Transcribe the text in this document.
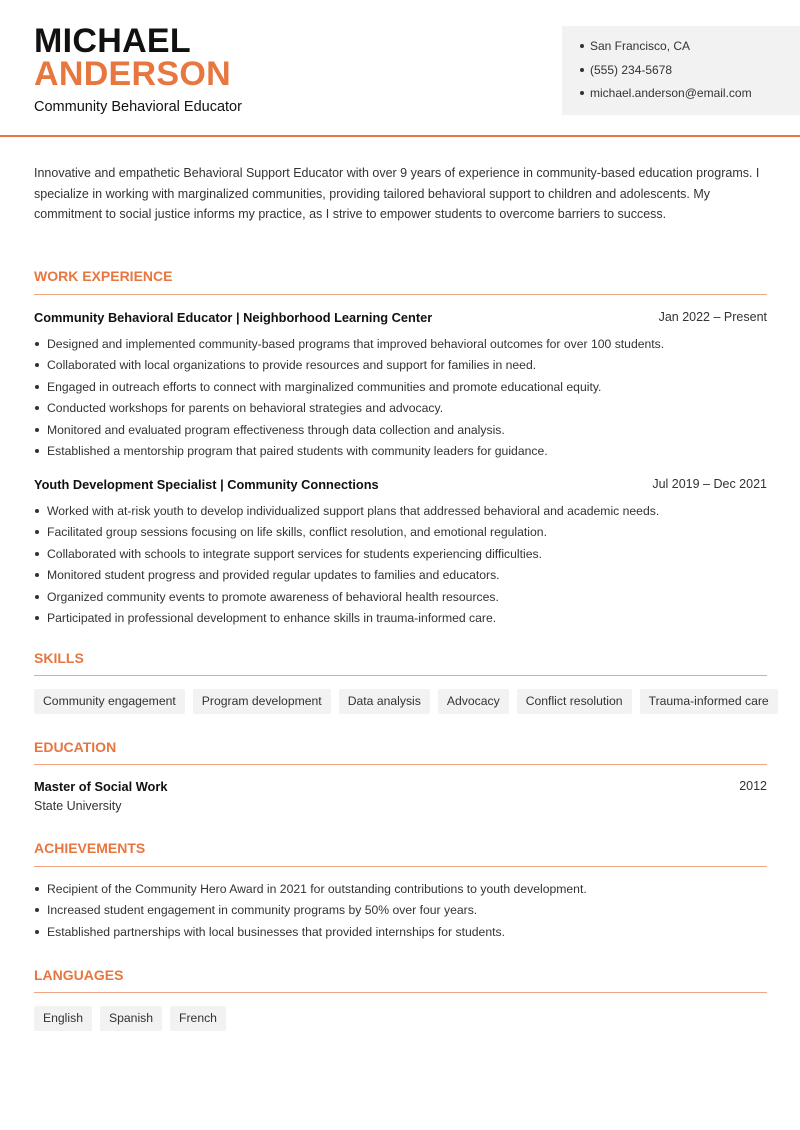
MICHAEL
ANDERSON
Community Behavioral Educator
San Francisco, CA
(555) 234-5678
michael.anderson@email.com

Innovative and empathetic Behavioral Support Educator with over 9 years of experience in community-based education programs. I specialize in working with marginalized communities, providing tailored behavioral support to children and adolescents. My commitment to social justice informs my practice, as I strive to empower students to overcome barriers to success.

WORK EXPERIENCE
Community Behavioral Educator | Neighborhood Learning Center	Jan 2022 – Present
Designed and implemented community-based programs that improved behavioral outcomes for over 100 students.
Collaborated with local organizations to provide resources and support for families in need.
Engaged in outreach efforts to connect with marginalized communities and promote educational equity.
Conducted workshops for parents on behavioral strategies and advocacy.
Monitored and evaluated program effectiveness through data collection and analysis.
Established a mentorship program that paired students with community leaders for guidance.
Youth Development Specialist | Community Connections	Jul 2019 – Dec 2021
Worked with at-risk youth to develop individualized support plans that addressed behavioral and academic needs.
Facilitated group sessions focusing on life skills, conflict resolution, and emotional regulation.
Collaborated with schools to integrate support services for students experiencing difficulties.
Monitored student progress and provided regular updates to families and educators.
Organized community events to promote awareness of behavioral health resources.
Participated in professional development to enhance skills in trauma-informed care.
SKILLS
Community engagement	Program development	Data analysis	Advocacy	Conflict resolution	Trauma-informed care
EDUCATION
Master of Social Work	2012
State University
ACHIEVEMENTS
Recipient of the Community Hero Award in 2021 for outstanding contributions to youth development.
Increased student engagement in community programs by 50% over four years.
Established partnerships with local businesses that provided internships for students.
LANGUAGES
English	Spanish	French
